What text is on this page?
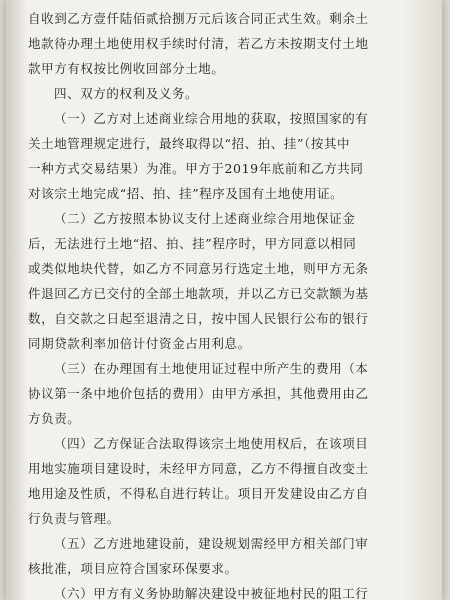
自收到乙方壹仟陆佰贰拾捌万元后该合同正式生效。剩余土
地款待办理土地使用权手续时付清，若乙方未按期支付土地
款甲方有权按比例收回部分土地。
四、双方的权利及义务。
（一）乙方对上述商业综合用地的获取，按照国家的有
关土地管理规定进行，最终取得以“招、拍、挂”（按其中
一种方式交易结果）为准。甲方于2019年底前和乙方共同
对该宗土地完成“招、拍、挂”程序及国有土地使用证。
（二）乙方按照本协议支付上述商业综合用地保证金
后，无法进行土地“招、拍、挂”程序时，甲方同意以相同
或类似地块代替，如乙方不同意另行选定土地，则甲方无条
件退回乙方已交付的全部土地款项，并以乙方已交款额为基
数，自交款之日起至退清之日，按中国人民银行公布的银行
同期贷款利率加倍计付资金占用利息。
（三）在办理国有土地使用证过程中所产生的费用（本
协议第一条中地价包括的费用）由甲方承担，其他费用由乙
方负责。
（四）乙方保证合法取得该宗土地使用权后，在该项目
用地实施项目建设时，未经甲方同意，乙方不得擅自改变土
地用途及性质，不得私自进行转让。项目开发建设由乙方自
行负责与管理。
（五）乙方进地建设前，建设规划需经甲方相关部门审
核批准，项目应符合国家环保要求。
（六）甲方有义务协助解决建设中被征地村民的阻工行
